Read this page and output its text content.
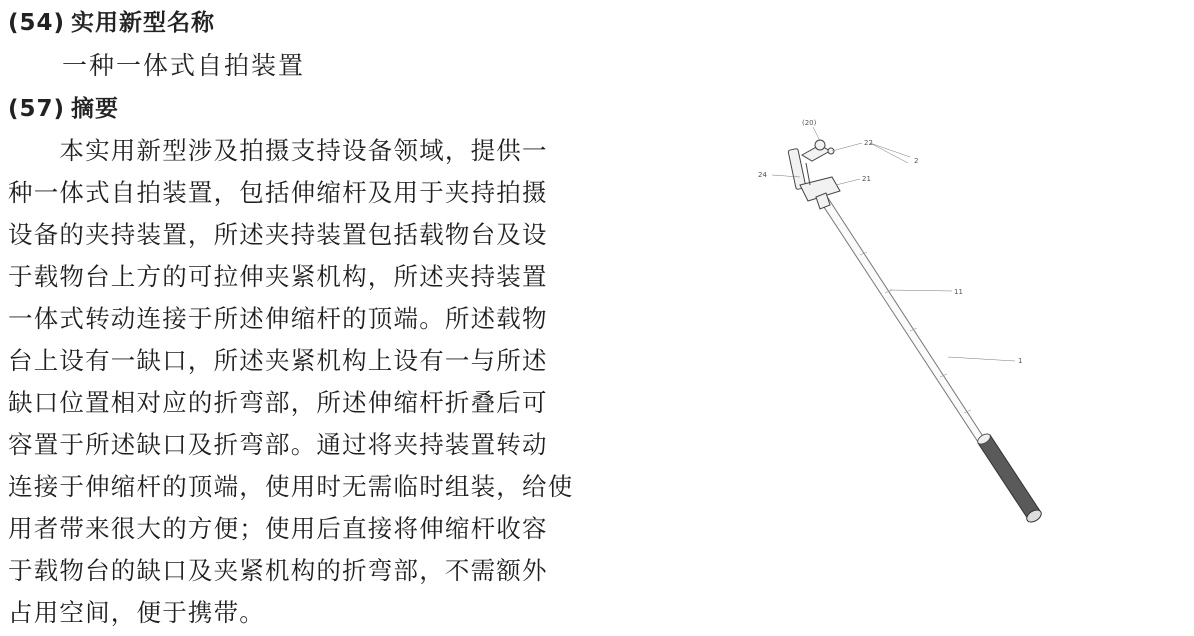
(54) 实用新型名称
一种一体式自拍装置
(57) 摘要
　　本实用新型涉及拍摄支持设备领域，提供一
种一体式自拍装置，包括伸缩杆及用于夹持拍摄
设备的夹持装置，所述夹持装置包括载物台及设
于载物台上方的可拉伸夹紧机构，所述夹持装置
一体式转动连接于所述伸缩杆的顶端。所述载物
台上设有一缺口，所述夹紧机构上设有一与所述
缺口位置相对应的折弯部，所述伸缩杆折叠后可
容置于所述缺口及折弯部。通过将夹持装置转动
连接于伸缩杆的顶端，使用时无需临时组装，给使
用者带来很大的方便；使用后直接将伸缩杆收容
于载物台的缺口及夹紧机构的折弯部，不需额外
占用空间，便于携带。
(20)
22
2
24	21
11
1
